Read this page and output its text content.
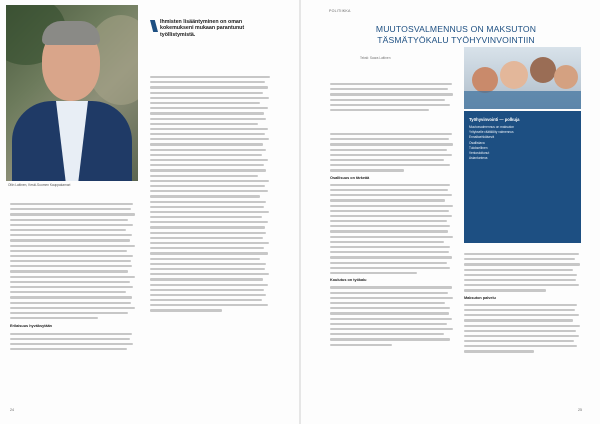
Ollin Laitinen, Keski-Suomen Kauppakamari
Ihmisten lisääntyminen on oman kokemukseni mukaan parantunut työllistymistä.
Erilaisuus hyväksytään
24
POLITIIKKA
MUUTOSVALMENNUS ON MAKSUTON
TÄSMÄTYÖKALU TYÖHYVINVOINTIIN
Teksti: Saara Laitinen
Osallisuus on tärkeää
Koulutus on työkalu
Työhyvinvointi — polkuja
Muutosvalmennus on maksuton
Yritykselle räätälöity valmennus
Ennaltaehkäisevä
Osallistava
Tuloksellinen
Verkostoitunut
Asiantunteva
Maksuton palvelu
25
